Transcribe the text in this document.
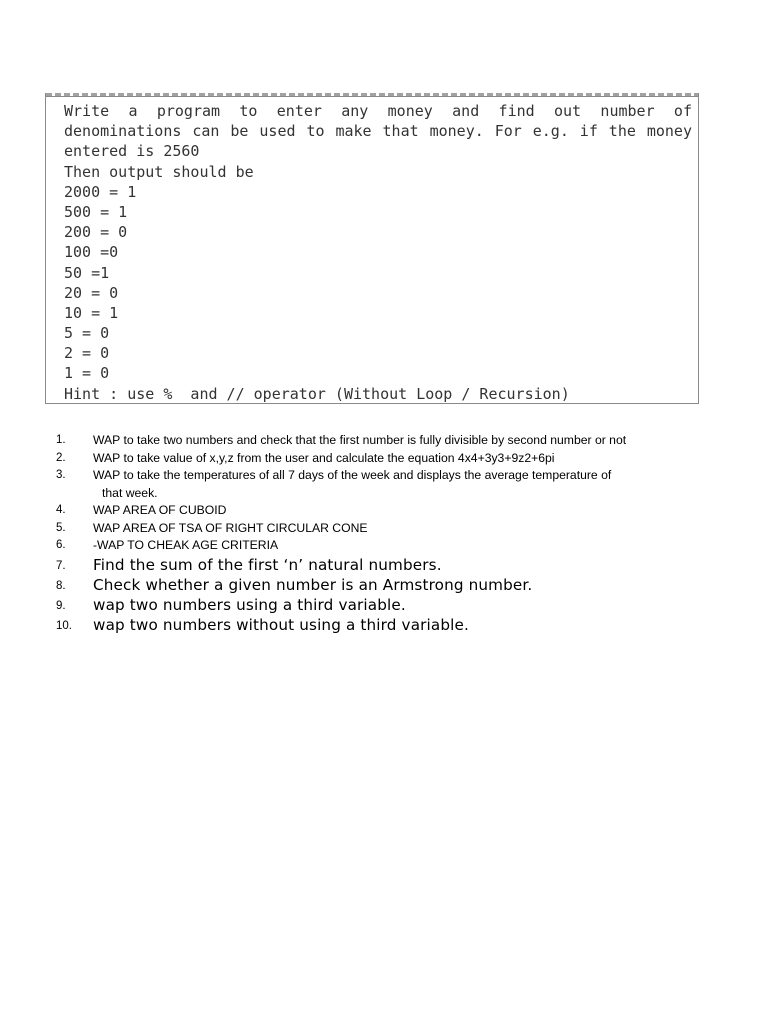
Write a program to enter any money and find out number of
denominations can be used to make that money. For e.g. if the money
entered is 2560
Then output should be
2000 = 1
500 = 1
200 = 0
100 =0
50 =1
20 = 0
10 = 1
5 = 0
2 = 0
1 = 0
Hint : use %  and // operator (Without Loop / Recursion)
1.	WAP to take two numbers and check that the first number is fully divisible by second number or not
2.	WAP to take value of x,y,z from the user and calculate the equation 4x4+3y3+9z2+6pi
3.	WAP to take the temperatures of all 7 days of the week and displays the average temperature of
that week.
4.	WAP AREA OF CUBOID
5.	WAP AREA OF TSA OF RIGHT CIRCULAR CONE
6.	-WAP TO CHEAK AGE CRITERIA
7.	Find the sum of the first ‘n’ natural numbers.
8.	Check whether a given number is an Armstrong number.
9.	wap two numbers using a third variable.
10.	wap two numbers without using a third variable.
